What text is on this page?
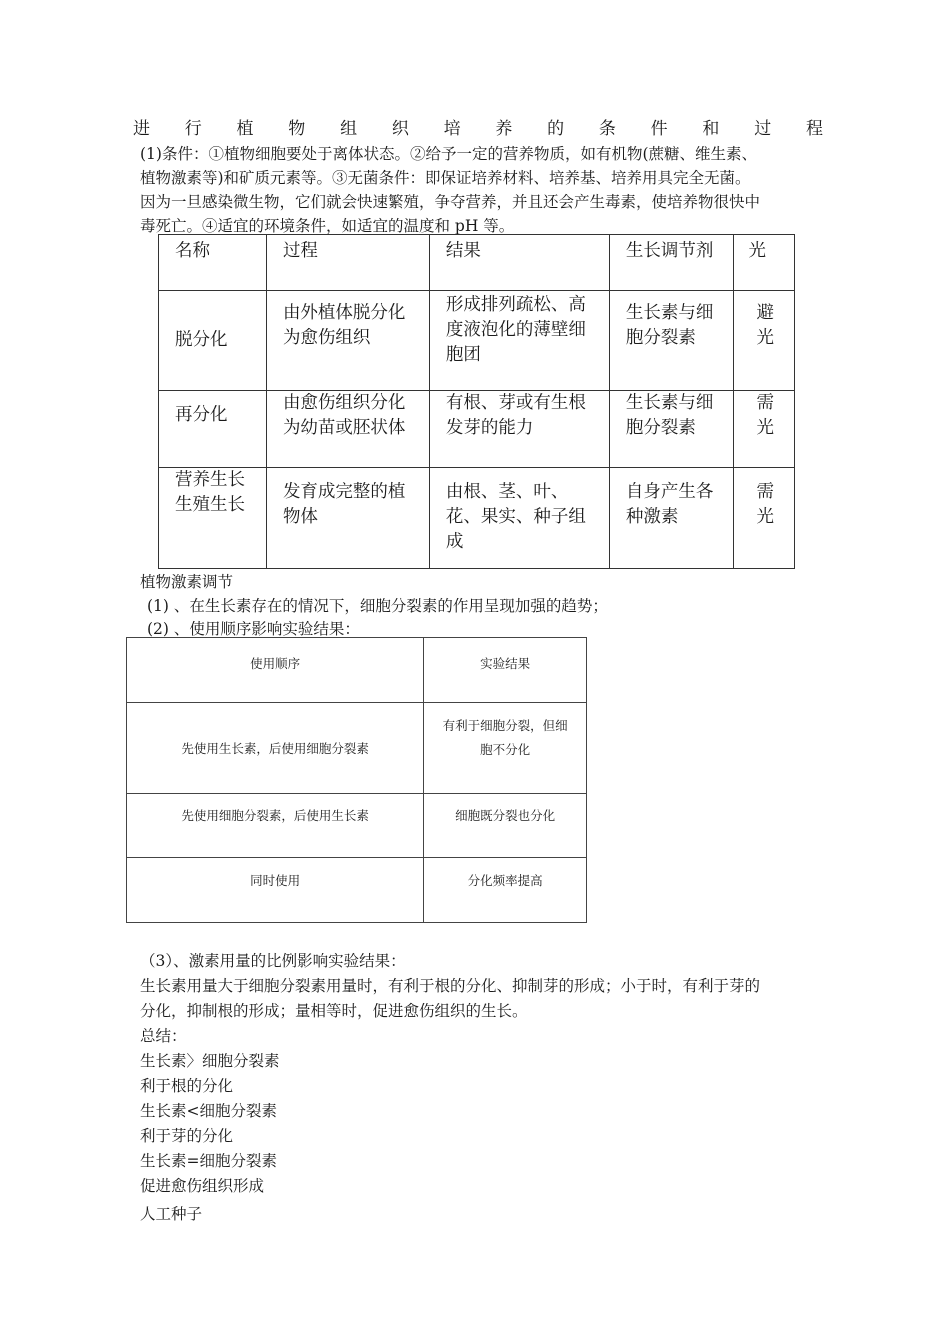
进 行 植 物 组 织 培 养 的 条 件 和 过 程
(1)条件：①植物细胞要处于离体状态。②给予一定的营养物质，如有机物(蔗糖、维生素、
植物激素等)和矿质元素等。③无菌条件：即保证培养材料、培养基、培养用具完全无菌。
因为一旦感染微生物，它们就会快速繁殖，争夺营养，并且还会产生毒素，使培养物很快中
毒死亡。④适宜的环境条件，如适宜的温度和 pH 等。
名称	过程	结果	生长调节剂	光

脱分化	由外植体脱分化为愈伤组织	形成排列疏松、高度液泡化的薄壁细胞团	生长素与细胞分裂素	避光

再分化	由愈伤组织分化为幼苗或胚状体	有根、芽或有生根发芽的能力	生长素与细胞分裂素	需光

营养生长生殖生长	发育成完整的植物体	由根、茎、叶、花、果实、种子组成	自身产生各种激素	需光
植物激素调节
(1) 、在生长素存在的情况下，细胞分裂素的作用呈现加强的趋势；
(2) 、使用顺序影响实验结果：
使用顺序	实验结果

先使用生长素，后使用细胞分裂素	有利于细胞分裂，但细胞不分化

先使用细胞分裂素，后使用生长素	细胞既分裂也分化

同时使用	分化频率提高
（3）、激素用量的比例影响实验结果：
生长素用量大于细胞分裂素用量时，有利于根的分化、抑制芽的形成；小于时，有利于芽的
分化，抑制根的形成；量相等时，促进愈伤组织的生长。
总结：
生长素〉细胞分裂素
利于根的分化
生长素<细胞分裂素
利于芽的分化
生长素=细胞分裂素
促进愈伤组织形成
人工种子
